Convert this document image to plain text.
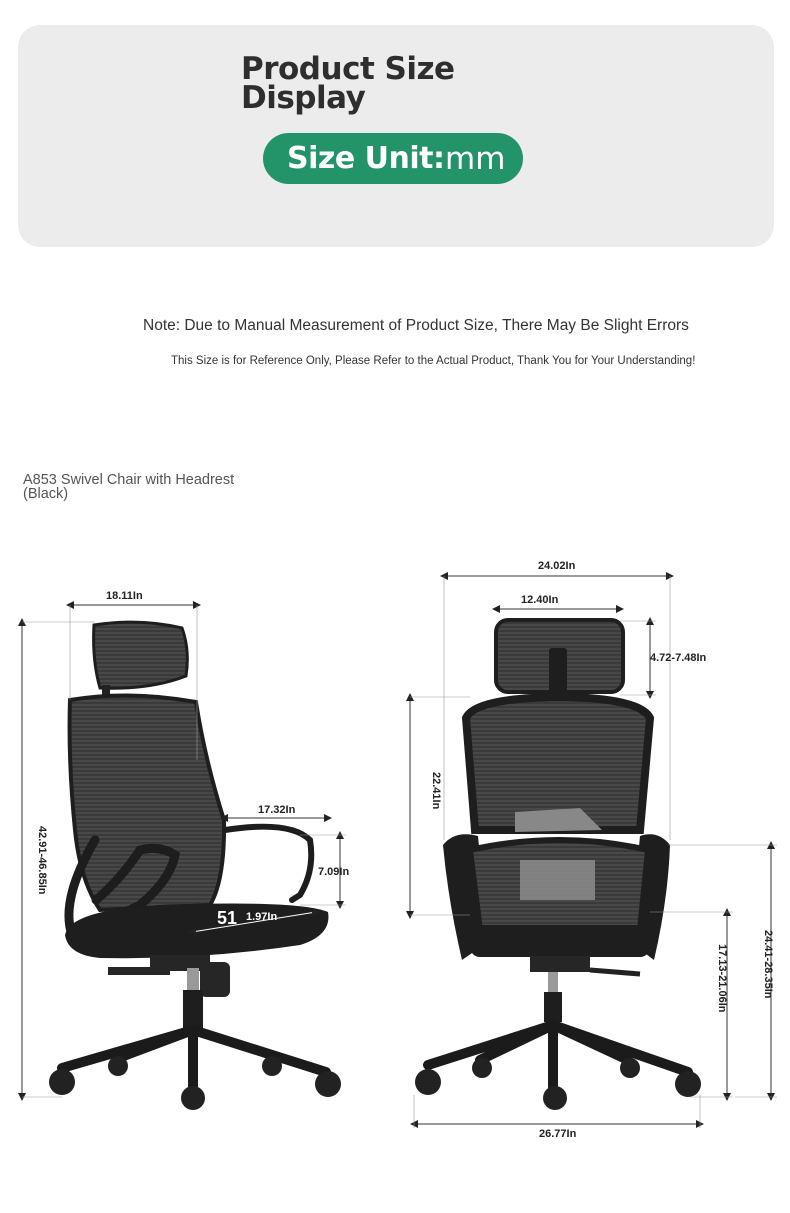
Product Size
Display
Size Unit: mm
Note: Due to Manual Measurement of Product Size, There May Be Slight Errors
This Size is for Reference Only, Please Refer to the Actual Product, Thank You for Your Understanding!
A853 Swivel Chair with Headrest (Black)
18.11In
42.91-46.85In
17.32In
7.09In
51 1.97In
24.02In
12.40In
4.72-7.48In
22.41In
17.13-21.06In	24.41-28.35In
26.77In
